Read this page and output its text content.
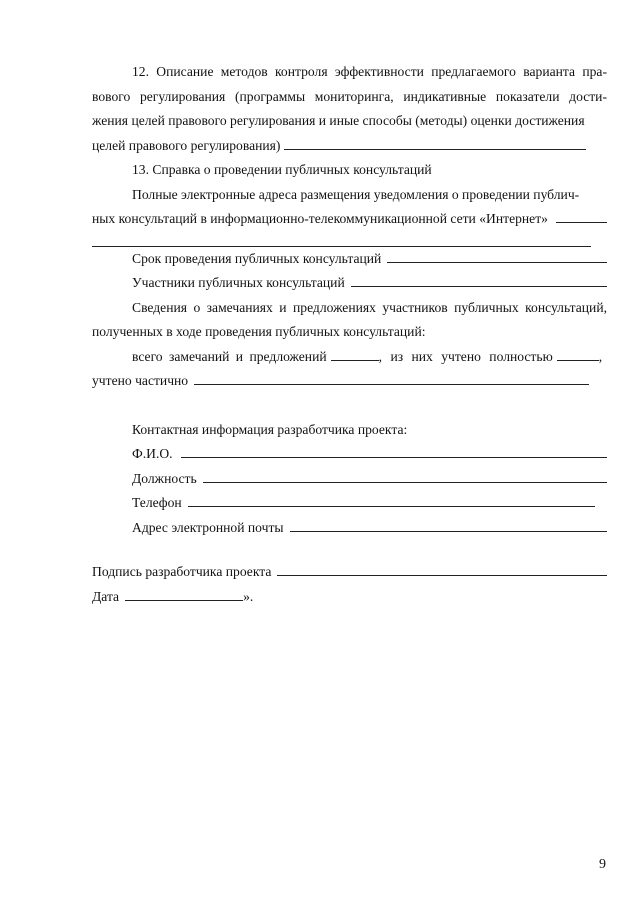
12. Описание методов контроля эффективности предлагаемого варианта пра- вового регулирования (программы мониторинга, индикативные показатели дости- жения целей правового регулирования и иные способы (методы) оценки достижения

целей правового регулирования)
13. Справка о проведении публичных консультаций

Полные электронные адреса размещения уведомления о проведении публич-

ных консультаций в информационно-телекоммуникационной сети «Интернет»
Срок проведения публичных консультаций
Участники публичных консультаций

Сведения о замечаниях и предложениях участников публичных консультаций, полученных в ходе проведения публичных консультаций:

всего замечаний и предложений	, из них учтено полностью	,
учтено частично
Контактная информация разработчика проекта:
Ф.И.О.
Должность
Телефон
Адрес электронной почты
Подпись разработчика проекта
Дата	».
9
